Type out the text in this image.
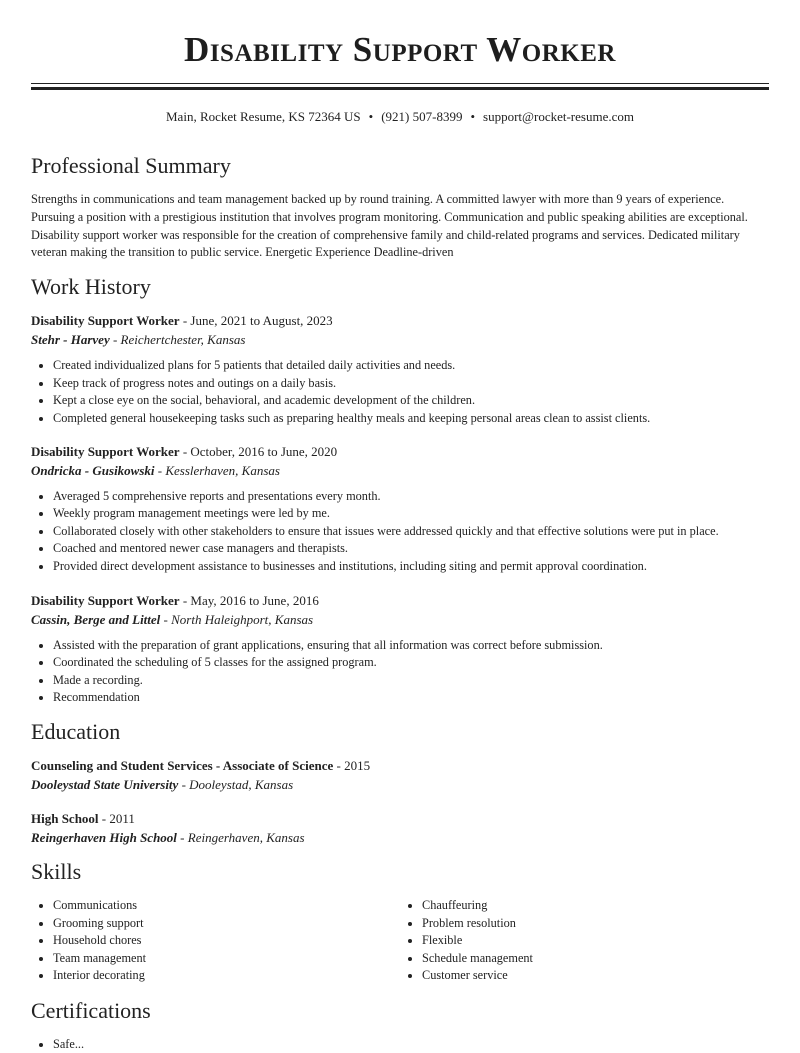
Disability Support Worker
Main, Rocket Resume, KS 72364 US • (921) 507-8399 • support@rocket-resume.com
Professional Summary

Strengths in communications and team management backed up by round training. A committed lawyer with more than 9 years of experience. Pursuing a position with a prestigious institution that involves program monitoring. Communication and public speaking abilities are exceptional. Disability support worker was responsible for the creation of comprehensive family and child-related programs and services. Dedicated military veteran making the transition to public service. Energetic Experience Deadline-driven

Work History
Disability Support Worker - June, 2021 to August, 2023
Stehr - Harvey - Reichertchester, Kansas
• Created individualized plans for 5 patients that detailed daily activities and needs.
• Keep track of progress notes and outings on a daily basis.
• Kept a close eye on the social, behavioral, and academic development of the children.
• Completed general housekeeping tasks such as preparing healthy meals and keeping personal areas clean to assist clients.
Disability Support Worker - October, 2016 to June, 2020
Ondricka - Gusikowski - Kesslerhaven, Kansas
• Averaged 5 comprehensive reports and presentations every month.
• Weekly program management meetings were led by me.
• Collaborated closely with other stakeholders to ensure that issues were addressed quickly and that effective solutions were put in place.
• Coached and mentored newer case managers and therapists.
• Provided direct development assistance to businesses and institutions, including siting and permit approval coordination.
Disability Support Worker - May, 2016 to June, 2016
Cassin, Berge and Littel - North Haleighport, Kansas
• Assisted with the preparation of grant applications, ensuring that all information was correct before submission.
• Coordinated the scheduling of 5 classes for the assigned program.
• Made a recording.
• Recommendation
Education
Counseling and Student Services - Associate of Science - 2015
Dooleystad State University - Dooleystad, Kansas
High School - 2011
Reingerhaven High School - Reingerhaven, Kansas
Skills
• Communications
• Grooming support
• Household chores
• Team management
• Interior decorating
• Chauffeuring
• Problem resolution
• Flexible
• Schedule management
• Customer service
Certifications
• Safe...
